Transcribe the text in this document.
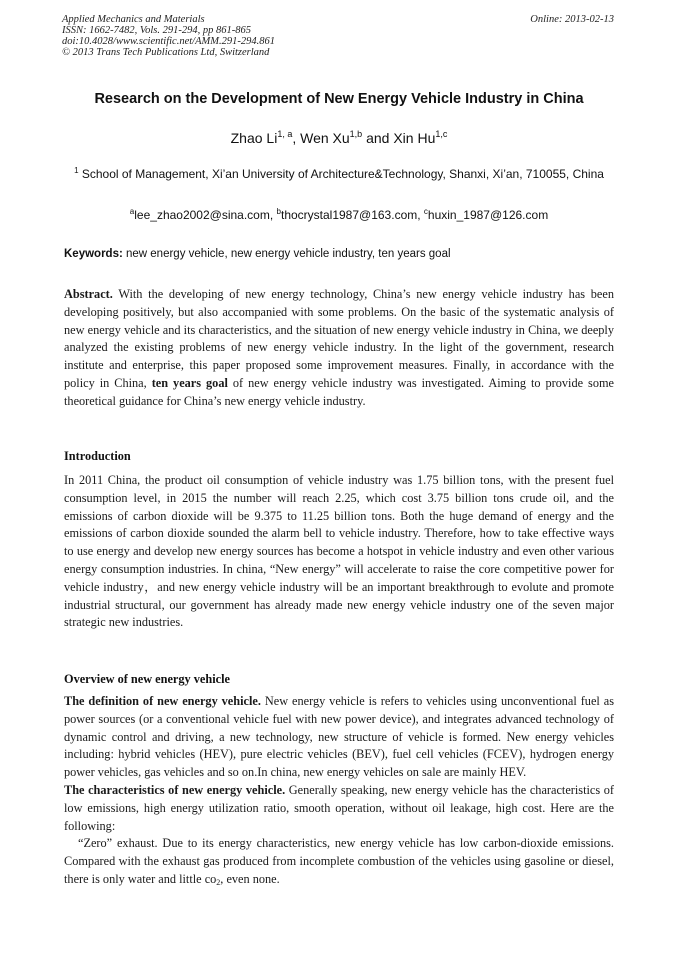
Applied Mechanics and Materials
ISSN: 1662-7482, Vols. 291-294, pp 861-865
doi:10.4028/www.scientific.net/AMM.291-294.861
© 2013 Trans Tech Publications Ltd, Switzerland
Online: 2013-02-13
Research on the Development of New Energy Vehicle Industry in China
Zhao Li$^{1, a}$, Wen Xu$^{1,b}$ and Xin Hu$^{1,c}$
$^1$ School of Management, Xi’an University of Architecture&Technology, Shanxi, Xi’an, 710055, China
$^a$lee_zhao2002@sina.com, $^b$thocrystal1987@163.com, $^c$huxin_1987@126.com
Keywords: new energy vehicle, new energy vehicle industry, ten years goal

Abstract. With the developing of new energy technology, China’s new energy vehicle industry has been developing positively, but also accompanied with some problems. On the basic of the systematic analysis of new energy vehicle and its characteristics, and the situation of new energy vehicle industry in China, we deeply analyzed the existing problems of new energy vehicle industry. In the light of the government, research institute and enterprise, this paper proposed some improvement measures. Finally, in accordance with the policy in China, ten years goal of new energy vehicle industry was investigated. Aiming to provide some theoretical guidance for China’s new energy vehicle industry.

Introduction

In 2011 China, the product oil consumption of vehicle industry was 1.75 billion tons, with the present fuel consumption level, in 2015 the number will reach 2.25, which cost 3.75 billion tons crude oil, and the emissions of carbon dioxide will be 9.375 to 11.25 billion tons. Both the huge demand of energy and the emissions of carbon dioxide sounded the alarm bell to vehicle industry. Therefore, how to take effective ways to use energy and develop new energy sources has become a hotspot in vehicle industry and even other various energy consumption industries. In china, “New energy” will accelerate to raise the core competitive power for vehicle industry，and new energy vehicle industry will be an important breakthrough to evolute and promote industrial structural, our government has already made new energy vehicle industry one of the seven major strategic new industries.

Overview of new energy vehicle

The definition of new energy vehicle. New energy vehicle is refers to vehicles using unconventional fuel as power sources (or a conventional vehicle fuel with new power device), and integrates advanced technology of dynamic control and driving, a new technology, new structure of vehicle is formed. New energy vehicles including: hybrid vehicles (HEV), pure electric vehicles (BEV), fuel cell vehicles (FCEV), hydrogen energy power vehicles, gas vehicles and so on.In china, new energy vehicles on sale are mainly HEV.

The characteristics of new energy vehicle. Generally speaking, new energy vehicle has the characteristics of low emissions, high energy utilization ratio, smooth operation, without oil leakage, high cost. Here are the following:

“Zero” exhaust. Due to its energy characteristics, new energy vehicle has low carbon-dioxide emissions. Compared with the exhaust gas produced from incomplete combustion of the vehicles using gasoline or diesel, there is only water and little $co_2$, even none.
